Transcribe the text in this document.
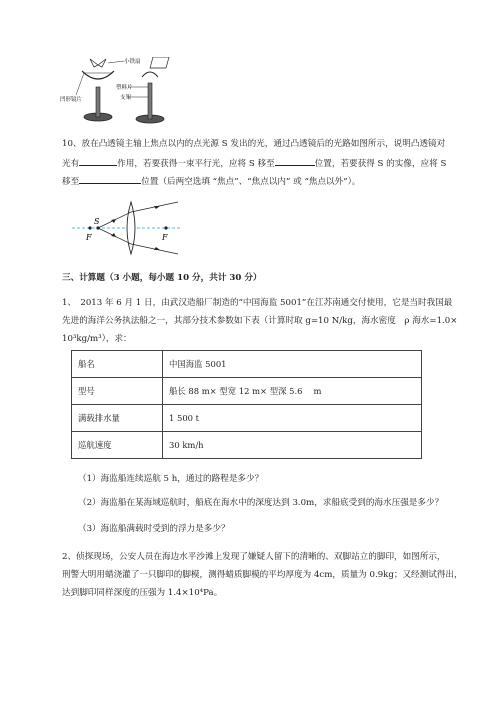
小铁扇
塑料片
支架
凹形镜片
10、放在凸透镜主轴上焦点以内的点光源 S 发出的光，通过凸透镜后的光路如图所示，说明凸透镜对
光有	作用，若要获得一束平行光，应将 S 移至	位置，若要获得 S 的实像，应将 S
移至	位置（后两空选填 “焦点”、“焦点以内” 或 “焦点以外”）。
S
F	F
三、计算题（3 小题，每小题 10 分，共计 30 分）
1、　2013 年 6 月 1 日，由武汉造船厂制造的“中国海监 5001”在江苏南通交付使用，它是当时我国最
先进的海洋公务执法船之一，其部分技术参数如下表（计算时取 g=10 N/kg，海水密度　ρ 海水=1.0×
10³kg/m³），求：
船名	中国海监 5001
型号	船长 88 m× 型宽 12 m× 型深 5.6　 m
满载排水量	1 500 t
巡航速度	30 km/h
（1）海监船连续巡航 5 h，通过的路程是多少？
（2）海监船在某海域巡航时，船底在海水中的深度达到 3.0m，求船底受到的海水压强是多少？
（3）海监船满载时受到的浮力是多少？
2、侦探现场，公安人员在海边水平沙滩上发现了嫌疑人留下的清晰的、双脚站立的脚印，如图所示，
刑警大明用蜡浇灌了一只脚印的脚模，测得蜡质脚模的平均厚度为 4cm，质量为 0.9kg；又经测试得出，
达到脚印同样深度的压强为 1.4×10⁴Pa。
